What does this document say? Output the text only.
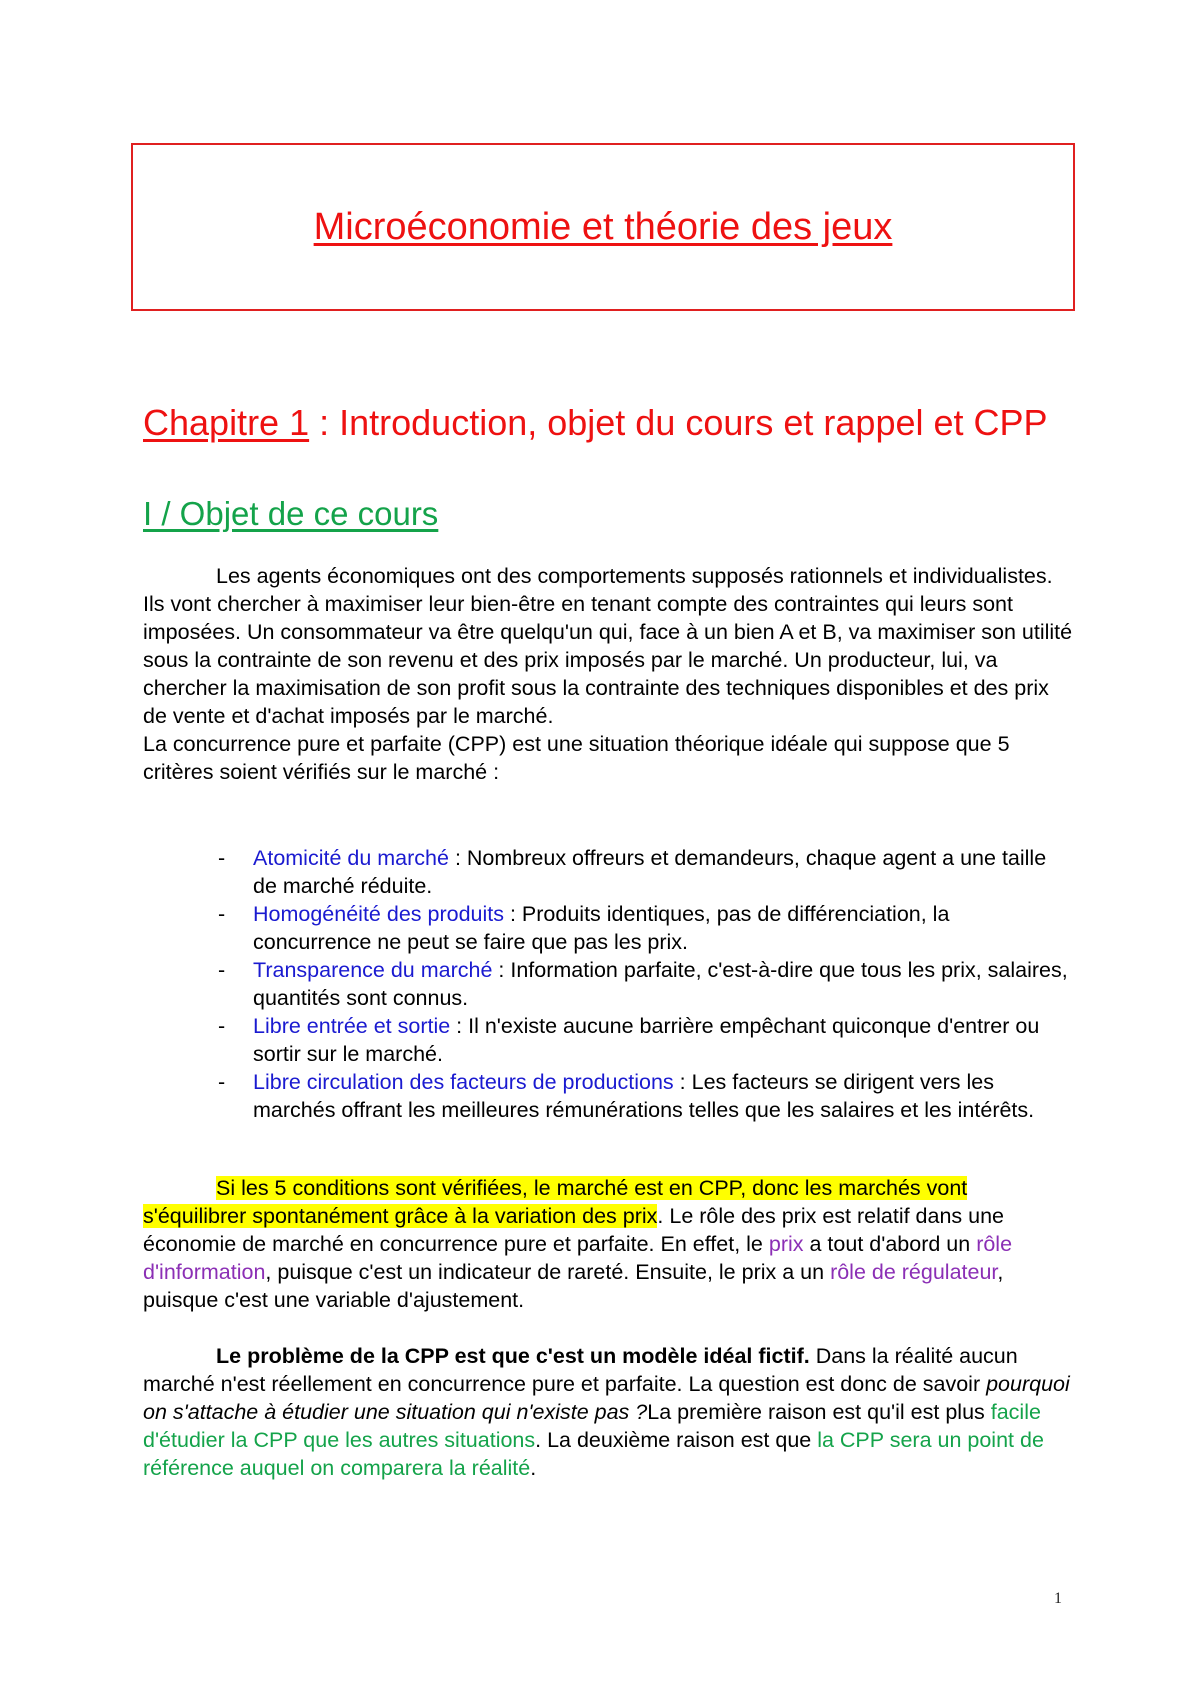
Microéconomie et théorie des jeux
Chapitre 1 : Introduction, objet du cours et rappel et CPP
I / Objet de ce cours

Les agents économiques ont des comportements supposés rationnels et individualistes. Ils vont chercher à maximiser leur bien-être en tenant compte des contraintes qui leurs sont imposées. Un consommateur va être quelqu'un qui, face à un bien A et B, va maximiser son utilité sous la contrainte de son revenu et des prix imposés par le marché. Un producteur, lui, va chercher la maximisation de son profit sous la contrainte des techniques disponibles et des prix de vente et d'achat imposés par le marché.

La concurrence pure et parfaite (CPP) est une situation théorique idéale qui suppose que 5 critères soient vérifiés sur le marché :

- Atomicité du marché : Nombreux offreurs et demandeurs, chaque agent a une taille de marché réduite.
- Homogénéité des produits : Produits identiques, pas de différenciation, la concurrence ne peut se faire que pas les prix.
- Transparence du marché : Information parfaite, c'est-à-dire que tous les prix, salaires, quantités sont connus.
- Libre entrée et sortie : Il n'existe aucune barrière empêchant quiconque d'entrer ou sortir sur le marché.
- Libre circulation des facteurs de productions : Les facteurs se dirigent vers les marchés offrant les meilleures rémunérations telles que les salaires et les intérêts.

Si les 5 conditions sont vérifiées, le marché est en CPP, donc les marchés vont s'équilibrer spontanément grâce à la variation des prix. Le rôle des prix est relatif dans une économie de marché en concurrence pure et parfaite. En effet, le prix a tout d'abord un rôle d'information, puisque c'est un indicateur de rareté. Ensuite, le prix a un rôle de régulateur, puisque c'est une variable d'ajustement.

Le problème de la CPP est que c'est un modèle idéal fictif. Dans la réalité aucun marché n'est réellement en concurrence pure et parfaite. La question est donc de savoir pourquoi on s'attache à étudier une situation qui n'existe pas ?La première raison est qu'il est plus facile d'étudier la CPP que les autres situations. La deuxième raison est que la CPP sera un point de référence auquel on comparera la réalité.

1
